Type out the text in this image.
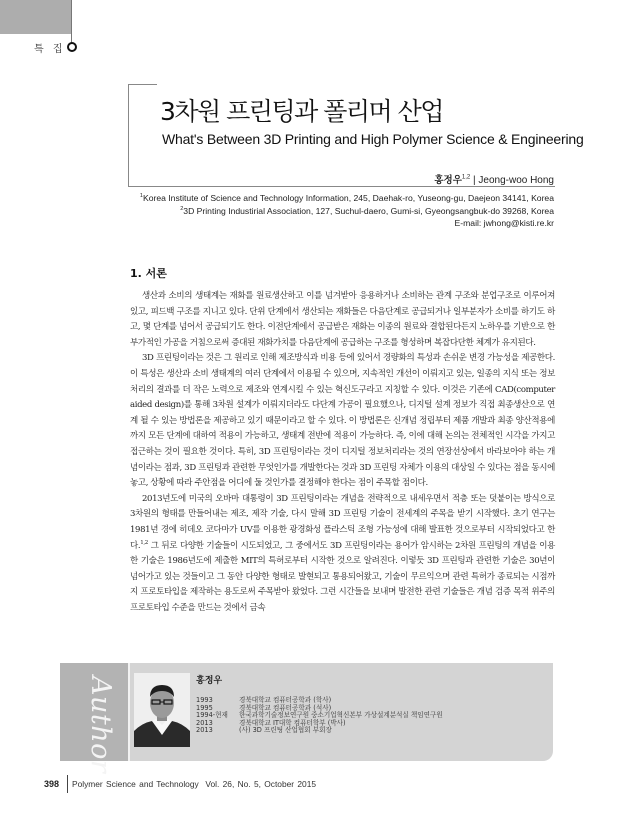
특 집
3차원 프린팅과 폴리머 산업
What's Between 3D Printing and High Polymer Science & Engineering
홍정우$^{1,2}$ | Jeong-woo Hong
$^1$Korea Institute of Science and Technology Information, 245, Daehak-ro, Yuseong-gu, Daejeon 34141, Korea
$^2$3D Printing Industirial Association, 127, Suchul-daero, Gumi-si, Gyeongsangbuk-do 39268, Korea
E-mail: jwhong@kisti.re.kr
1. 서론

생산과 소비의 생태계는 재화를 원료생산하고 이를 넘겨받아 응용하거나 소비하는 관계 구조와 분업구조로 이루어져 있고, 피드백 구조를 지니고 있다. 단위 단계에서 생산되는 재화들은 다음단계로 공급되거나 일부분자가 소비를 하기도 하고, 몇 단계를 넘어서 공급되기도 한다. 이전단계에서 공급받은 재화는 이종의 원료와 결합된다든지 노하우를 기반으로 한 부가적인 가공을 거침으로써 증대된 재화가치를 다음단계에 공급하는 구조를 형성하며 복잡다단한 체계가 유지된다.

3D 프린팅이라는 것은 그 원리로 인해 제조방식과 비용 등에 있어서 경량화의 특성과 손쉬운 변경 가능성을 제공한다. 이 특성은 생산과 소비 생태계의 여러 단계에서 이용될 수 있으며, 지속적인 개선이 이뤄지고 있는, 일종의 지식 또는 정보처리의 결과를 더 작은 노력으로 제조와 연계시킬 수 있는 혁신도구라고 지칭할 수 있다. 이것은 기존에 CAD(computer aided design)를 통해 3차원 설계가 이뤄지더라도 다단계 가공이 필요했으나, 디지털 설계 정보가 직접 최종생산으로 연계 될 수 있는 방법론을 제공하고 있기 때문이라고 할 수 있다. 이 방법론은 신개념 정립부터 제품 개발과 최종 양산적용에까지 모든 단계에 대하여 적용이 가능하고, 생태계 전반에 적용이 가능하다. 즉, 이에 대해 논의는 전체적인 시각을 가지고 접근하는 것이 필요한 것이다. 특히, 3D 프린팅이라는 것이 디지털 정보처리라는 것의 연장선상에서 바라보아야 하는 개념이라는 점과, 3D 프린팅과 관련한 무엇인가를 개발한다는 것과 3D 프린팅 자체가 이용의 대상일 수 있다는 점을 동시에 놓고, 상황에 따라 주안점을 어디에 둘 것인가를 결정해야 한다는 점이 주목할 점이다.

2013년도에 미국의 오바마 대통령이 3D 프린팅이라는 개념을 전략적으로 내세우면서 적층 또는 덧붙이는 방식으로 3차원의 형태를 만들어내는 제조, 제작 기술, 다시 말해 3D 프린팅 기술이 전세계의 주목을 받기 시작했다. 초기 연구는 1981년 경에 히데오 코다마가 UV를 이용한 광경화성 플라스틱 조형 가능성에 대해 발표한 것으로부터 시작되었다고 한다.$^{1,2}$ 그 뒤로 다양한 기술들이 시도되었고, 그 중에서도 3D 프린팅이라는 용어가 암시하는 2차원 프린팅의 개념을 이용한 기술은 1986년도에 제출한 MIT의 특허로부터 시작한 것으로 알려진다. 이렇듯 3D 프린팅과 관련한 기술은 30년이 넘어가고 있는 것들이고 그 동안 다양한 형태로 발현되고 통용되어왔고, 기술이 무르익으며 관련 특허가 종료되는 시점까지 프로토타입을 제작하는 용도로써 주목받아 왔었다. 그런 시간들을 보내며 발전한 관련 기술들은 개념 검증 목적 위주의 프로토타입 수준을 만드는 것에서 금속

Author	홍정우
1993	경북대학교 컴퓨터공학과 (학사)
1995	경북대학교 컴퓨터공학과 (석사)
1994-현재	한국과학기술정보연구원 중소기업혁신본부 가상설계분석실 책임연구원
2013	경북대학교 IT대학 컴퓨터학부 (박사)
2013	(사) 3D 프린팅 산업협회 부회장
398 Polymer Science and Technology Vol. 26, No. 5, October 2015
